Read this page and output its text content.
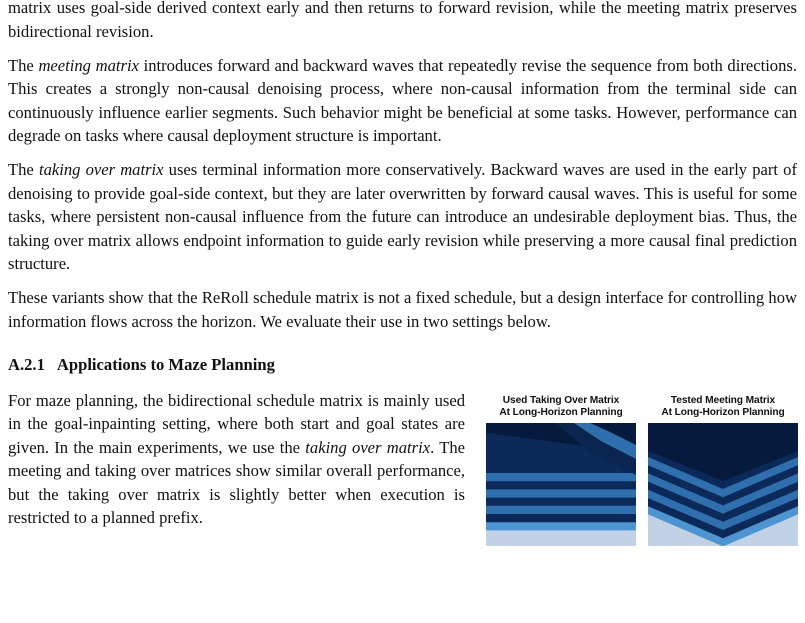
matrix uses goal-side derived context early and then returns to forward revision, while the meeting matrix preserves bidirectional revision.

The meeting matrix introduces forward and backward waves that repeatedly revise the sequence from both directions. This creates a strongly non-causal denoising process, where non-causal information from the terminal side can continuously influence earlier segments. Such behavior might be beneficial at some tasks. However, performance can degrade on tasks where causal deployment structure is important.

The taking over matrix uses terminal information more conservatively. Backward waves are used in the early part of denoising to provide goal-side context, but they are later overwritten by forward causal waves. This is useful for some tasks, where persistent non-causal influence from the future can introduce an undesirable deployment bias. Thus, the taking over matrix allows endpoint information to guide early revision while preserving a more causal final prediction structure.

These variants show that the ReRoll schedule matrix is not a fixed schedule, but a design interface for controlling how information flows across the horizon. We evaluate their use in two settings below.

A.2.1 Applications to Maze Planning

For maze planning, the bidirectional schedule matrix is mainly used in the goal-inpainting setting, where both start and goal states are given. In the main experiments, we use the taking over matrix. The meeting and taking over matrices show similar overall performance, but the taking over matrix is slightly better when execution is restricted to a planned prefix.

Used Taking Over Matrix
At Long-Horizon Planning
Tested Meeting Matrix
At Long-Horizon Planning
